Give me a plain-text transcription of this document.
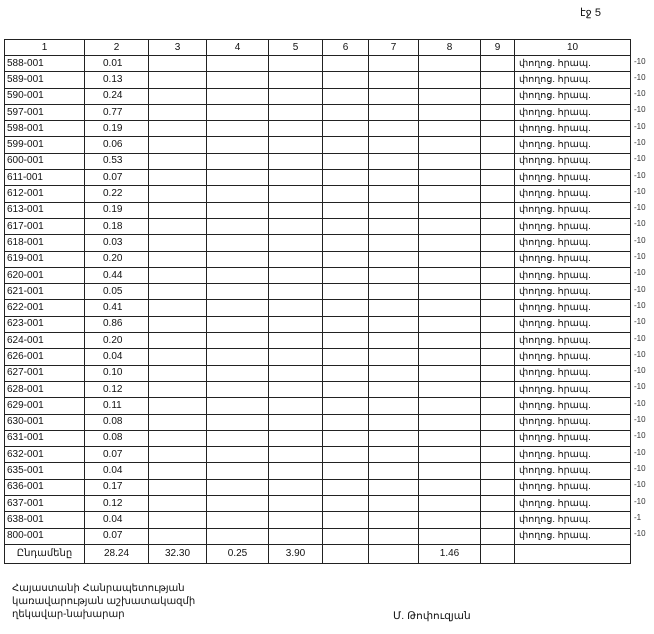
էջ 5
1	2	3	4	5	6	7	8	9	10
588-001	0.01								փողոց. հրապ.
589-001	0.13								փողոց. հրապ.
590-001	0.24								փողոց. հրապ.
597-001	0.77								փողոց. հրապ.
598-001	0.19								փողոց. հրապ.
599-001	0.06								փողոց. հրապ.
600-001	0.53								փողոց. հրապ.
611-001	0.07								փողոց. հրապ.
612-001	0.22								փողոց. հրապ.
613-001	0.19								փողոց. հրապ.
617-001	0.18								փողոց. հրապ.
618-001	0.03								փողոց. հրապ.
619-001	0.20								փողոց. հրապ.
620-001	0.44								փողոց. հրապ.
621-001	0.05								փողոց. հրապ.
622-001	0.41								փողոց. հրապ.
623-001	0.86								փողոց. հրապ.
624-001	0.20								փողոց. հրապ.
626-001	0.04								փողոց. հրապ.
627-001	0.10								փողոց. հրապ.
628-001	0.12								փողոց. հրապ.
629-001	0.11								փողոց. հրապ.
630-001	0.08								փողոց. հրապ.
631-001	0.08								փողոց. հրապ.
632-001	0.07								փողոց. հրապ.
635-001	0.04								փողոց. հրապ.
636-001	0.17								փողոց. հրապ.
637-001	0.12								փողոց. հրապ.
638-001	0.04								փողոց. հրապ.
800-001	0.07								փողոց. հրապ.
Ընդամենը	28.24	32.30	0.25	3.90			1.46		
-10
-10
-10
-10
-10
-10
-10
-10
-10
-10
-10
-10
-10
-10
-10
-10
-10
-10
-10
-10
-10
-10
-10
-10
-10
-10
-10
-10
-1
-10
Հայաստանի Հանրապետության
կառավարության աշխատակազմի
ղեկավար-նախարար	Մ. Թոփուզյան
